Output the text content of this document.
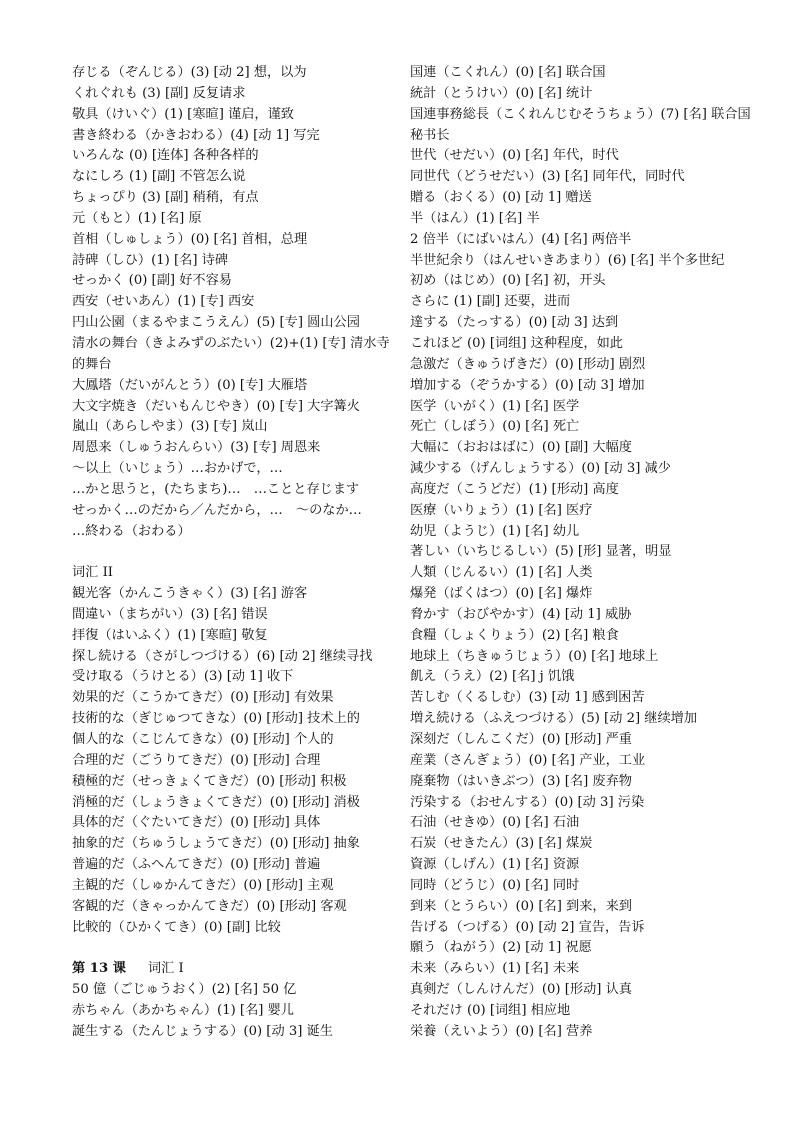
存じる（ぞんじる）(3) [动 2] 想，以为
くれぐれも (3) [副] 反复请求
敬具（けいぐ）(1) [寒暄] 谨启，谨致
書き終わる（かきおわる）(4) [动 1] 写完
いろんな (0) [连体] 各种各样的
なにしろ (1) [副] 不管怎么说
ちょっぴり (3) [副] 稍稍，有点
元（もと）(1) [名] 原
首相（しゅしょう）(0) [名] 首相，总理
詩碑（しひ）(1) [名] 诗碑
せっかく (0) [副] 好不容易
西安（せいあん）(1) [专] 西安
円山公園（まるやまこうえん）(5) [专] 圆山公园
清水の舞台（きよみずのぶたい）(2)+(1) [专] 清水寺的舞台
大鳳塔（だいがんとう）(0) [专] 大雁塔
大文字焼き（だいもんじやき）(0) [专] 大字篝火
嵐山（あらしやま）(3) [专] 岚山
周恩来（しゅうおんらい）(3) [专] 周恩来
～以上（いじょう）…おかげで，…
…かと思うと，(たちまち)…　…ことと存じます
せっかく…のだから／んだから，…　～のなか…
…終わる（おわる）
词汇 II
観光客（かんこうきゃく）(3) [名] 游客
間違い（まちがい）(3) [名] 错误
拝復（はいふく）(1) [寒暄] 敬复
探し続ける（さがしつづける）(6) [动 2] 继续寻找
受け取る（うけとる）(3) [动 1] 收下
効果的だ（こうかてきだ）(0) [形动] 有效果
技術的な（ぎじゅつてきな）(0) [形动] 技术上的
個人的な（こじんてきな）(0) [形动] 个人的
合理的だ（ごうりてきだ）(0) [形动] 合理
積極的だ（せっきょくてきだ）(0) [形动] 积极
消極的だ（しょうきょくてきだ）(0) [形动] 消极
具体的だ（ぐたいてきだ）(0) [形动] 具体
抽象的だ（ちゅうしょうてきだ）(0) [形动] 抽象
普遍的だ（ふへんてきだ）(0) [形动] 普遍
主観的だ（しゅかんてきだ）(0) [形动] 主观
客観的だ（きゃっかんてきだ）(0) [形动] 客观
比較的（ひかくてき）(0) [副] 比较
第 13 课 词汇 I
50 億（ごじゅうおく）(2) [名] 50 亿
赤ちゃん（あかちゃん）(1) [名] 婴儿
誕生する（たんじょうする）(0) [动 3] 诞生
国連（こくれん）(0) [名] 联合国
統計（とうけい）(0) [名] 统计
国連事務総長（こくれんじむそうちょう）(7) [名] 联合国秘书长
世代（せだい）(0) [名] 年代，时代
同世代（どうせだい）(3) [名] 同年代，同时代
贈る（おくる）(0) [动 1] 赠送
半（はん）(1) [名] 半
2 倍半（にばいはん）(4) [名] 两倍半
半世紀余り（はんせいきあまり）(6) [名] 半个多世纪
初め（はじめ）(0) [名] 初，开头
さらに (1) [副] 还要，进而
達する（たっする）(0) [动 3] 达到
これほど (0) [词组] 这种程度，如此
急激だ（きゅうげきだ）(0) [形动] 剧烈
増加する（ぞうかする）(0) [动 3] 增加
医学（いがく）(1) [名] 医学
死亡（しぼう）(0) [名] 死亡
大幅に（おおはばに）(0) [副] 大幅度
減少する（げんしょうする）(0) [动 3] 减少
高度だ（こうどだ）(1) [形动] 高度
医療（いりょう）(1) [名] 医疗
幼児（ようじ）(1) [名] 幼儿
著しい（いちじるしい）(5) [形] 显著，明显
人類（じんるい）(1) [名] 人类
爆発（ばくはつ）(0) [名] 爆炸
脅かす（おびやかす）(4) [动 1] 威胁
食糧（しょくりょう）(2) [名] 粮食
地球上（ちきゅうじょう）(0) [名] 地球上
飢え（うえ）(2) [名] j 饥饿
苦しむ（くるしむ）(3) [动 1] 感到困苦
増え続ける（ふえつづける）(5) [动 2] 继续增加
深刻だ（しんこくだ）(0) [形动] 严重
産業（さんぎょう）(0) [名] 产业，工业
廃棄物（はいきぶつ）(3) [名] 废弃物
汚染する（おせんする）(0) [动 3] 污染
石油（せきゆ）(0) [名] 石油
石炭（せきたん）(3) [名] 煤炭
資源（しげん）(1) [名] 资源
同時（どうじ）(0) [名] 同时
到来（とうらい）(0) [名] 到来，来到
告げる（つげる）(0) [动 2] 宣告，告诉
願う（ねがう）(2) [动 1] 祝愿
未来（みらい）(1) [名] 未来
真剣だ（しんけんだ）(0) [形动] 认真
それだけ (0) [词组] 相应地
栄養（えいよう）(0) [名] 营养
